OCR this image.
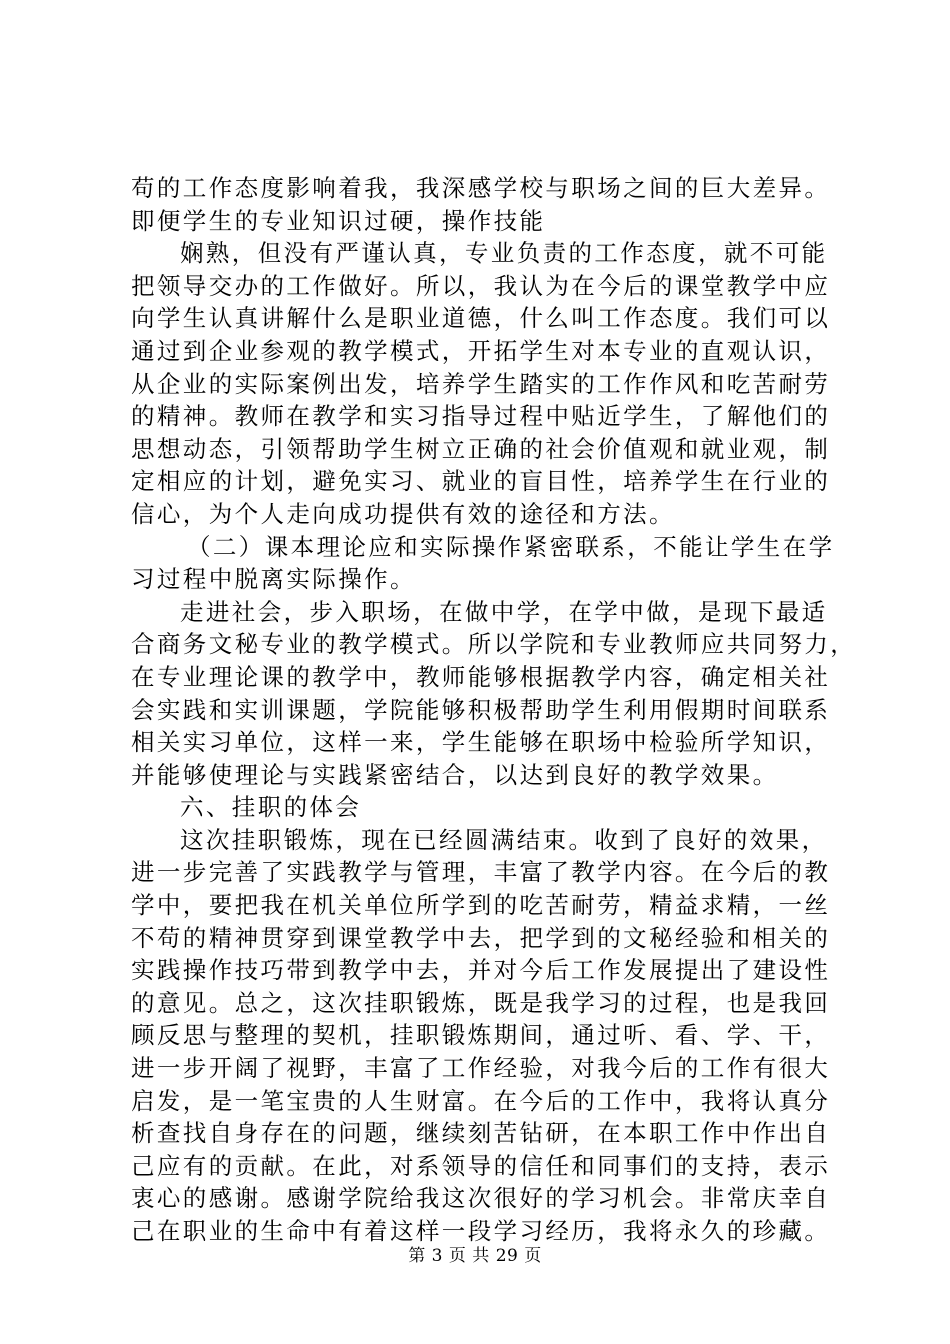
苟的工作态度影响着我，我深感学校与职场之间的巨大差异。
即便学生的专业知识过硬，操作技能
娴熟，但没有严谨认真，专业负责的工作态度，就不可能
把领导交办的工作做好。所以，我认为在今后的课堂教学中应
向学生认真讲解什么是职业道德，什么叫工作态度。我们可以
通过到企业参观的教学模式，开拓学生对本专业的直观认识，
从企业的实际案例出发，培养学生踏实的工作作风和吃苦耐劳
的精神。教师在教学和实习指导过程中贴近学生，了解他们的
思想动态，引领帮助学生树立正确的社会价值观和就业观，制
定相应的计划，避免实习、就业的盲目性，培养学生在行业的
信心，为个人走向成功提供有效的途径和方法。
（二）课本理论应和实际操作紧密联系，不能让学生在学
习过程中脱离实际操作。
走进社会，步入职场，在做中学，在学中做，是现下最适
合商务文秘专业的教学模式。所以学院和专业教师应共同努力，
在专业理论课的教学中，教师能够根据教学内容，确定相关社
会实践和实训课题，学院能够积极帮助学生利用假期时间联系
相关实习单位，这样一来，学生能够在职场中检验所学知识，
并能够使理论与实践紧密结合，以达到良好的教学效果。
六、挂职的体会
这次挂职锻炼，现在已经圆满结束。收到了良好的效果，
进一步完善了实践教学与管理，丰富了教学内容。在今后的教
学中，要把我在机关单位所学到的吃苦耐劳，精益求精，一丝
不苟的精神贯穿到课堂教学中去，把学到的文秘经验和相关的
实践操作技巧带到教学中去，并对今后工作发展提出了建设性
的意见。总之，这次挂职锻炼，既是我学习的过程，也是我回
顾反思与整理的契机，挂职锻炼期间，通过听、看、学、干，
进一步开阔了视野，丰富了工作经验，对我今后的工作有很大
启发，是一笔宝贵的人生财富。在今后的工作中，我将认真分
析查找自身存在的问题，继续刻苦钻研，在本职工作中作出自
己应有的贡献。在此，对系领导的信任和同事们的支持，表示
衷心的感谢。感谢学院给我这次很好的学习机会。非常庆幸自
己在职业的生命中有着这样一段学习经历，我将永久的珍藏。
第 3 页 共 29 页
